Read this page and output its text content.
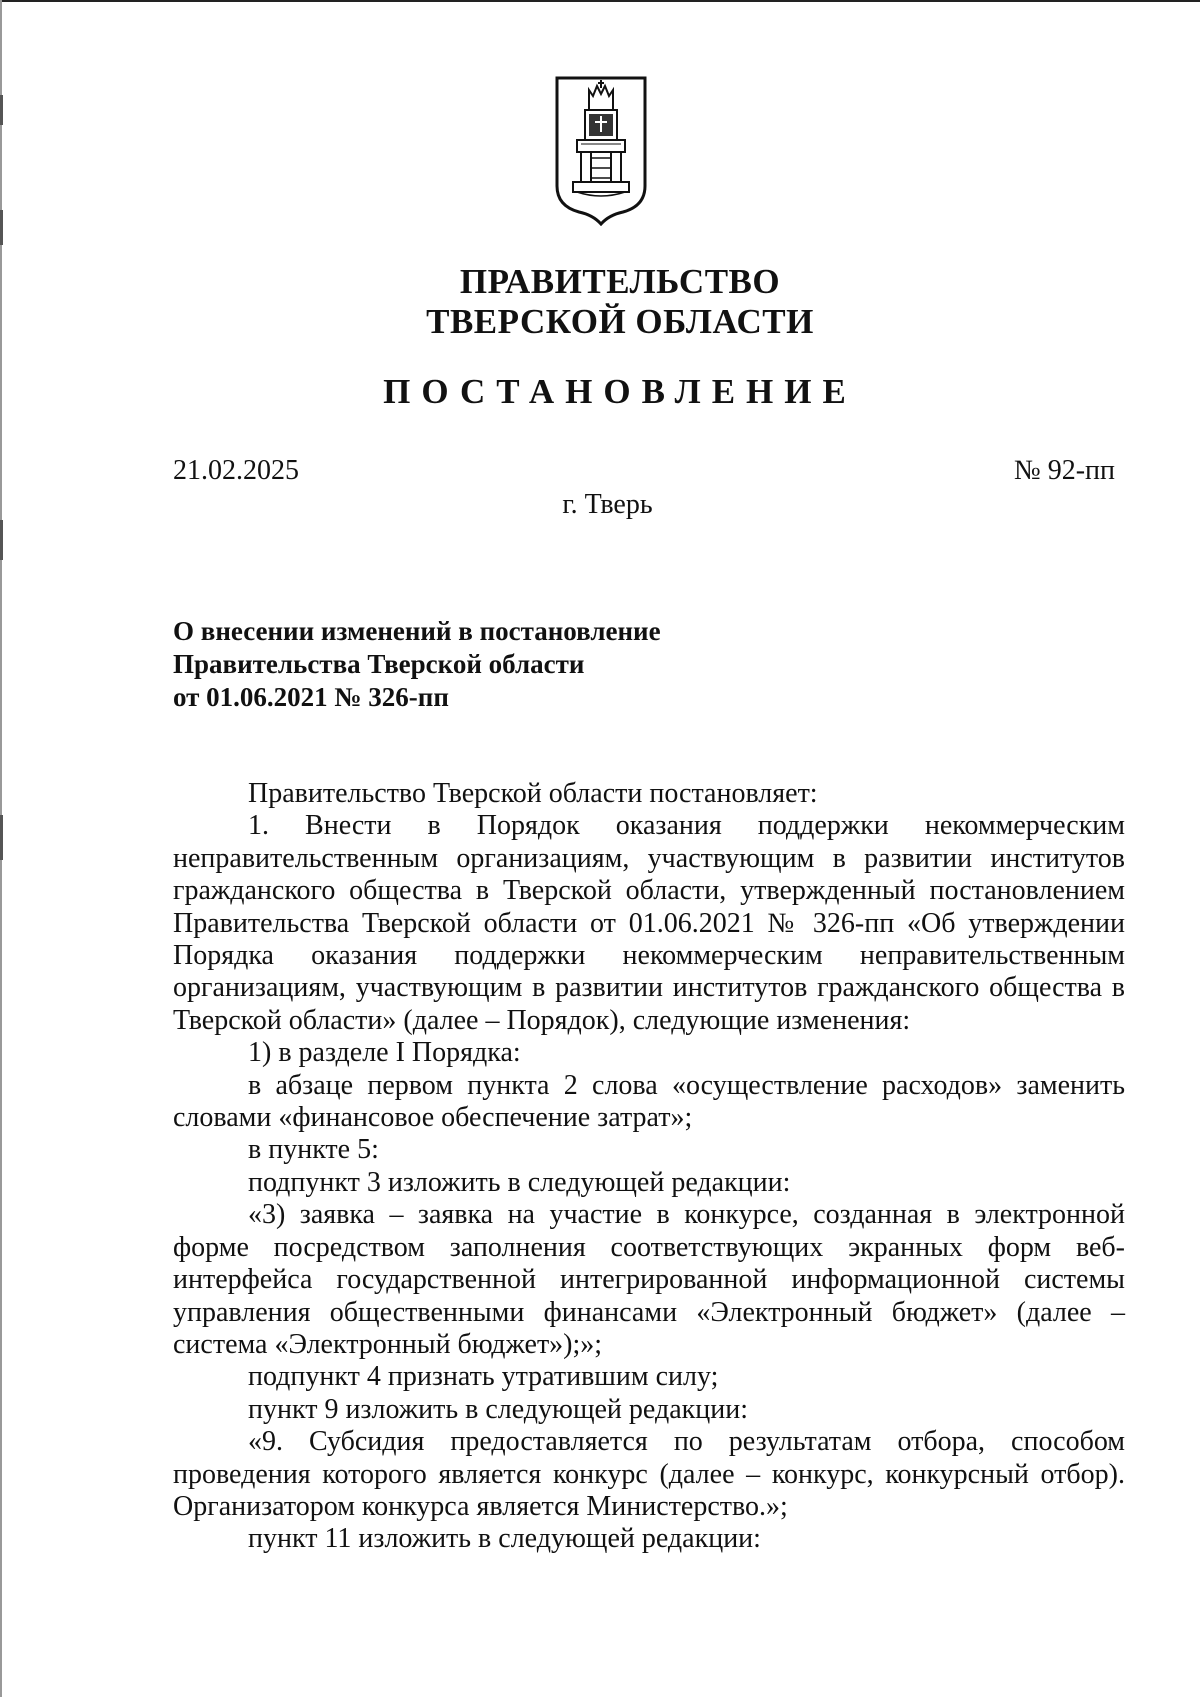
ПРАВИТЕЛЬСТВО
ТВЕРСКОЙ ОБЛАСТИ
ПОСТАНОВЛЕНИЕ
21.02.2025	№ 92-пп
г. Тверь
О внесении изменений в постановление
Правительства Тверской области
от 01.06.2021 № 326-пп

Правительство Тверской области постановляет:

1. Внести в Порядок оказания поддержки некоммерческим неправительственным организациям, участвующим в развитии институтов гражданского общества в Тверской области, утвержденный постановлением Правительства Тверской области от 01.06.2021 № 326-пп «Об утверждении Порядка оказания поддержки некоммерческим неправительственным организациям, участвующим в развитии институтов гражданского общества в Тверской области» (далее – Порядок), следующие изменения:

1) в разделе I Порядка:

в абзаце первом пункта 2 слова «осуществление расходов» заменить словами «финансовое обеспечение затрат»;

в пункте 5:

подпункт 3 изложить в следующей редакции:

«3) заявка – заявка на участие в конкурсе, созданная в электронной форме посредством заполнения соответствующих экранных форм веб-интерфейса государственной интегрированной информационной системы управления общественными финансами «Электронный бюджет» (далее – система «Электронный бюджет»);»;

подпункт 4 признать утратившим силу;

пункт 9 изложить в следующей редакции:

«9. Субсидия предоставляется по результатам отбора, способом проведения которого является конкурс (далее – конкурс, конкурсный отбор). Организатором конкурса является Министерство.»;

пункт 11 изложить в следующей редакции:
